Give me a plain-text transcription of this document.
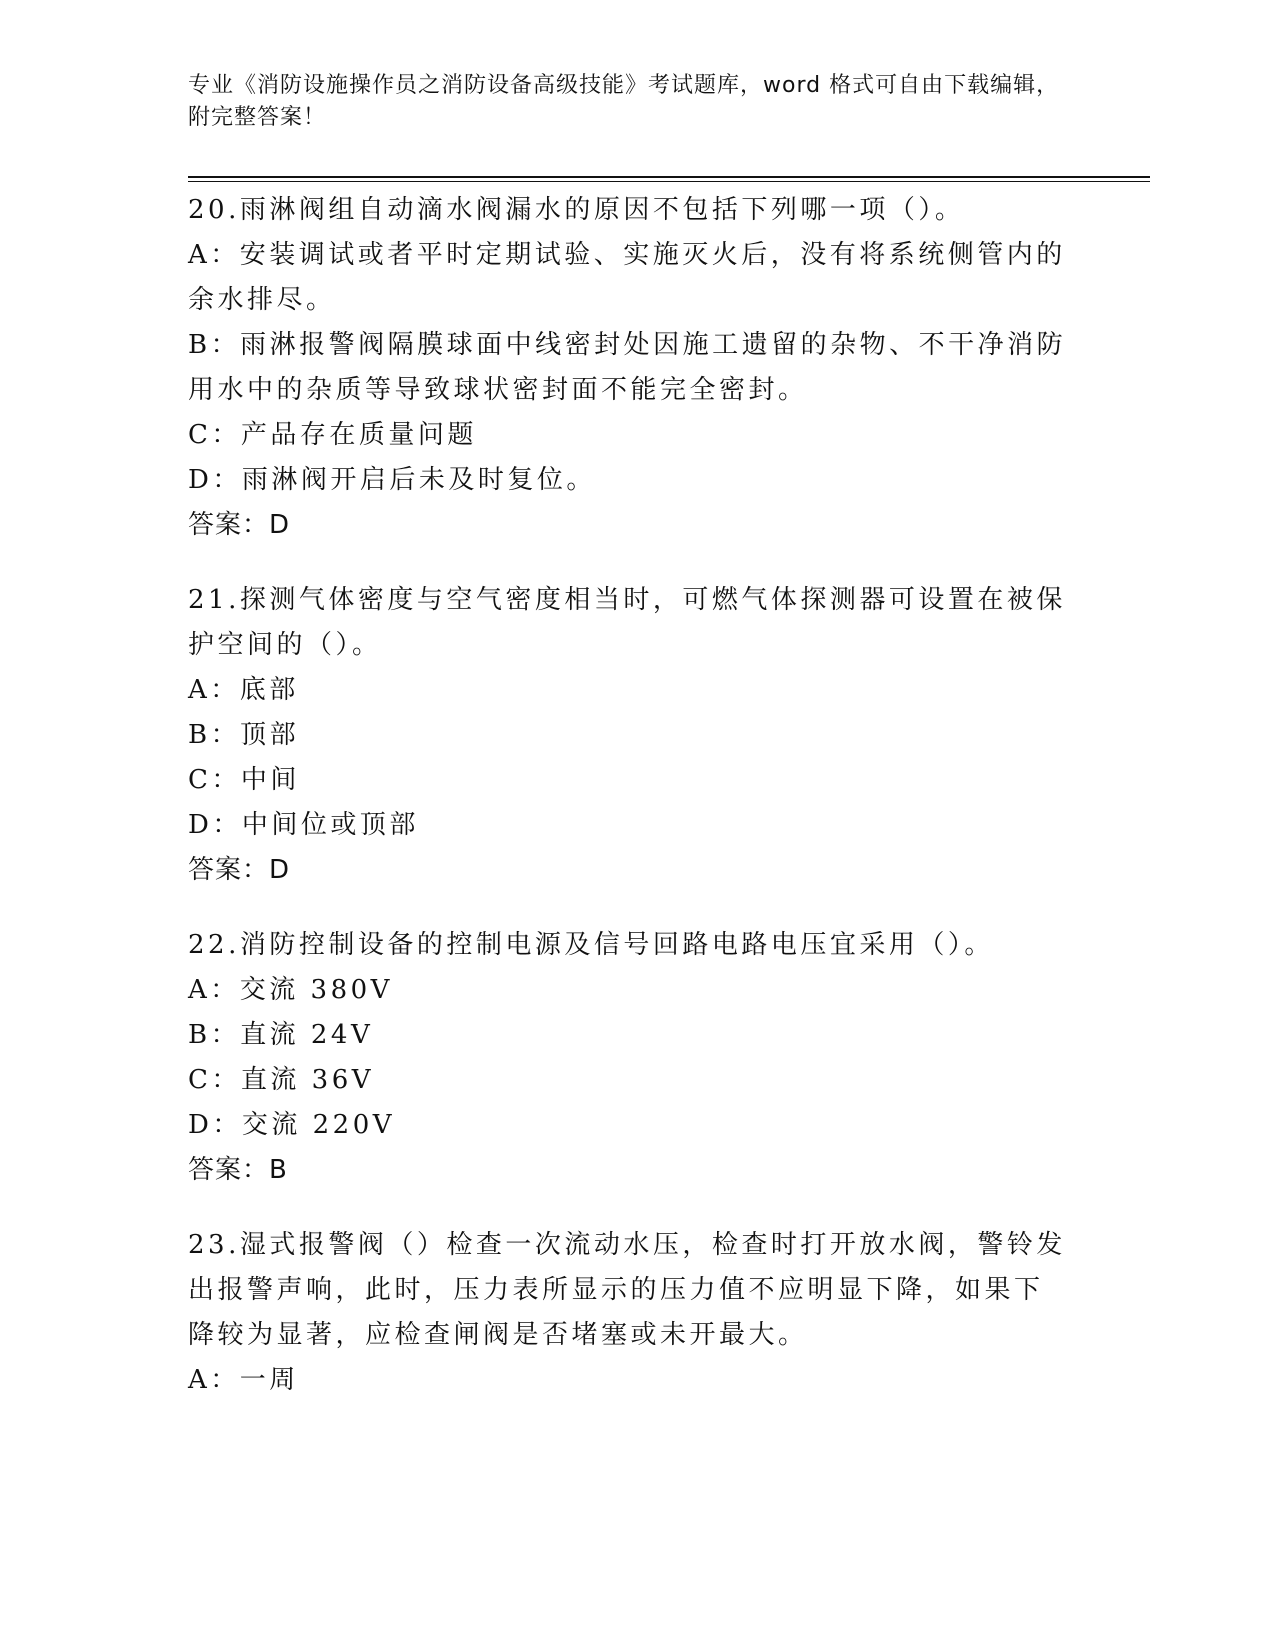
专业《消防设施操作员之消防设备高级技能》考试题库，word 格式可自由下载编辑，附完整答案！

20.雨淋阀组自动滴水阀漏水的原因不包括下列哪一项（）。

A：安装调试或者平时定期试验、实施灭火后，没有将系统侧管内的余水排尽。

B：雨淋报警阀隔膜球面中线密封处因施工遗留的杂物、不干净消防用水中的杂质等导致球状密封面不能完全密封。

C：产品存在质量问题

D：雨淋阀开启后未及时复位。

答案：D

21.探测气体密度与空气密度相当时，可燃气体探测器可设置在被保护空间的（）。

A：底部

B：顶部

C：中间

D：中间位或顶部

答案：D

22.消防控制设备的控制电源及信号回路电路电压宜采用（）。

A：交流 380V

B：直流 24V

C：直流 36V

D：交流 220V

答案：B

23.湿式报警阀（）检查一次流动水压，检查时打开放水阀，警铃发出报警声响，此时，压力表所显示的压力值不应明显下降，如果下降较为显著，应检查闸阀是否堵塞或未开最大。

A：一周
